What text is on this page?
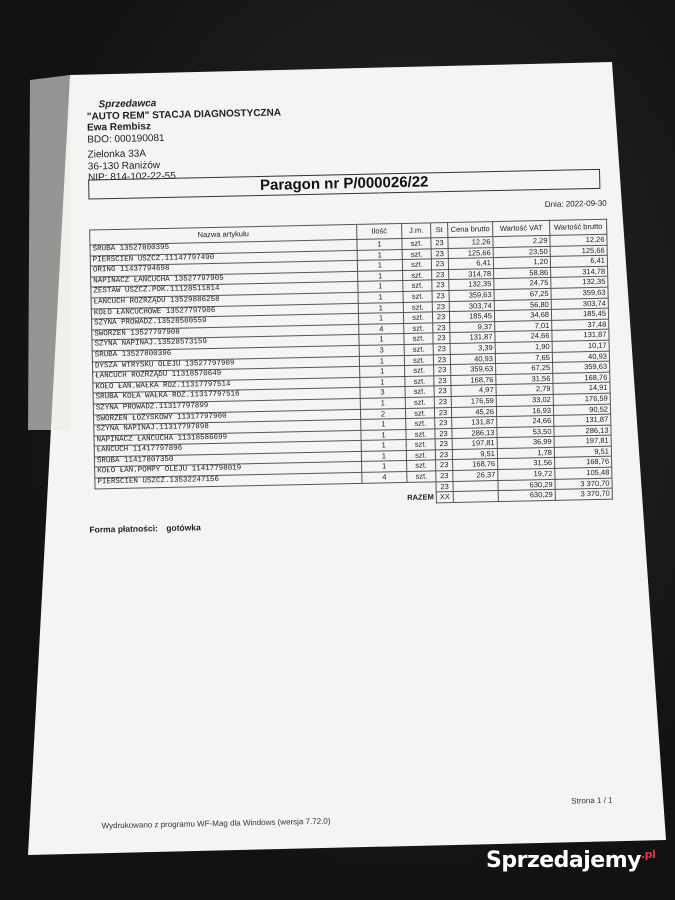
Sprzedawca
"AUTO REM" STACJA DIAGNOSTYCZNA
Ewa Rembisz
BDO: 000190081
Zielonka 33A
36-130 Raniżów
NIP: 814-102-22-55	Paragon nr P/000026/22
Dnia: 2022-09-30
Nazwa artykułu	Ilość	J.m.	St	Cena brutto	Wartość VAT	Wartość brutto
ŚRUBA 13527800395	1	szt.	23	12,26	2,29	12,26
PIERŚCIEŃ USZCZ.11147797490	1	szt.	23	125,66	23,50	125,66
ORING 11437794698	1	szt.	23	6,41	1,20	6,41
NAPINACZ ŁAŃCUCHA 13527797905	1	szt.	23	314,78	58,86	314,78
ZESTAW USZCZ.POK.11128511814	1	szt.	23	132,35	24,75	132,35
ŁAŃCUCH ROZRZĄDU 13529886258	1	szt.	23	359,63	67,25	359,63
KOŁO ŁAŃCUCHOWE 13527797906	1	szt.	23	303,74	56,80	303,74
SZYNA PROWADZ.13528580559	1	szt.	23	185,45	34,68	185,45
SWORZEŃ 13527797908	4	szt.	23	9,37	7,01	37,48
SZYNA NAPINAJ.13528573159	1	szt.	23	131,87	24,66	131,87
ŚRUBA 13527800396	3	szt.	23	3,39	1,90	10,17
DYSZA WTRYSKU OLEJU 13527797909	1	szt.	23	40,93	7,65	40,93
ŁAŃCUCH ROZRZĄDU 11318570649	1	szt.	23	359,63	67,25	359,63
KOŁO ŁAŃ.WAŁKA ROZ.11317797514	1	szt.	23	168,76	31,56	168,76
ŚRUBA KOŁA WAŁKA ROZ.11317797516	3	szt.	23	4,97	2,79	14,91
SZYNA PROWADZ.11317797899	1	szt.	23	176,59	33,02	176,59
SWORZEŃ ŁOŻYSKOWY 11317797900	2	szt.	23	45,26	16,93	90,52
SZYNA NAPINAJ.11317797898	1	szt.	23	131,87	24,66	131,87
NAPINACZ ŁAŃCUCHA 11318586699	1	szt.	23	286,13	53,50	286,13
ŁAŃCUCH 11417797896	1	szt.	23	197,81	36,99	197,81
ŚRUBA 11417807350	1	szt.	23	9,51	1,78	9,51
KOŁO ŁAŃ.POMPY OLEJU 11417798019	1	szt.	23	168,76	31,56	168,76
PIERŚCIEŃ USZCZ.13532247156	4	szt.	23	26,37	19,72	105,48
			23		630,29	3 370,70
RAZEM			XX		630,29	3 370,70
Forma płatności: gotówka
Strona 1 / 1
Wydrukowano z programu WF-Mag dla Windows (wersja 7.72.0)
Sprzedajemy$^{.pl}$
